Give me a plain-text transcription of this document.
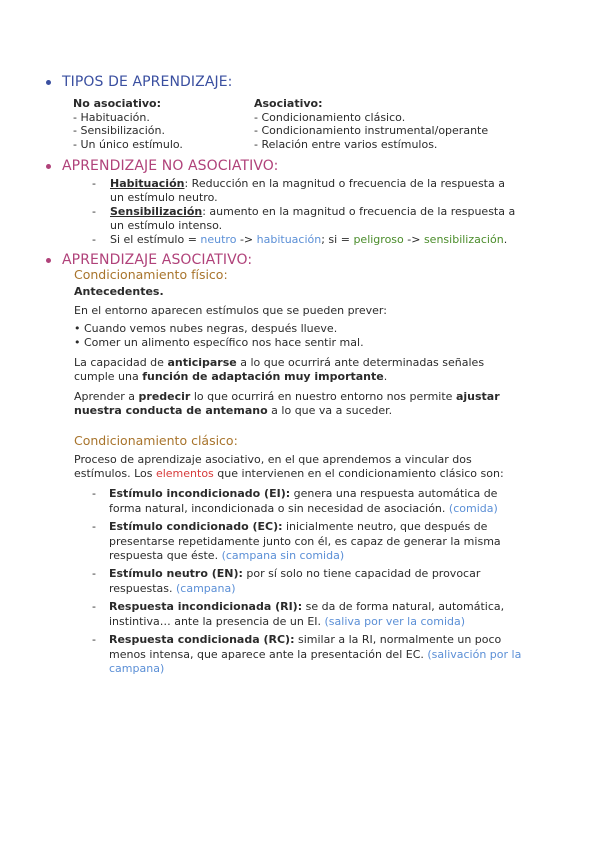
TIPOS DE APRENDIZAJE:
No asociativo:
- Habituación.
- Sensibilización.
- Un único estímulo.
Asociativo:
- Condicionamiento clásico.
- Condicionamiento instrumental/operante
- Relación entre varios estímulos.
APRENDIZAJE NO ASOCIATIVO:
- Habituación: Reducción en la magnitud o frecuencia de la respuesta a un estímulo neutro.
- Sensibilización: aumento en la magnitud o frecuencia de la respuesta a un estímulo intenso.
- Si el estímulo = neutro -> habituación; si = peligroso -> sensibilización.
APRENDIZAJE ASOCIATIVO:
Condicionamiento físico:
Antecedentes.
En el entorno aparecen estímulos que se pueden prever:
• Cuando vemos nubes negras, después llueve.
• Comer un alimento específico nos hace sentir mal.
La capacidad de anticiparse a lo que ocurrirá ante determinadas señales cumple una función de adaptación muy importante.
Aprender a predecir lo que ocurrirá en nuestro entorno nos permite ajustar nuestra conducta de antemano a lo que va a suceder.
Condicionamiento clásico:
Proceso de aprendizaje asociativo, en el que aprendemos a vincular dos estímulos. Los elementos que intervienen en el condicionamiento clásico son:
- Estímulo incondicionado (EI): genera una respuesta automática de forma natural, incondicionada o sin necesidad de asociación. (comida)
- Estímulo condicionado (EC): inicialmente neutro, que después de presentarse repetidamente junto con él, es capaz de generar la misma respuesta que éste. (campana sin comida)
- Estímulo neutro (EN): por sí solo no tiene capacidad de provocar respuestas. (campana)
- Respuesta incondicionada (RI): se da de forma natural, automática, instintiva… ante la presencia de un EI. (saliva por ver la comida)
- Respuesta condicionada (RC): similar a la RI, normalmente un poco menos intensa, que aparece ante la presentación del EC. (salivación por la campana)
